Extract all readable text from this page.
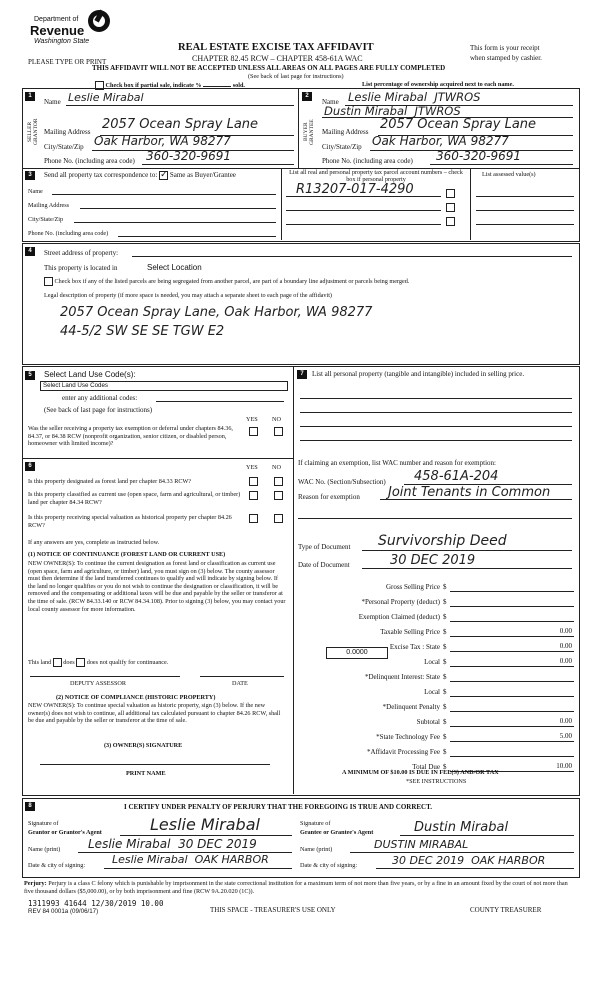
Department of
Revenue
Washington State
PLEASE TYPE OR PRINT
REAL ESTATE EXCISE TAX AFFIDAVIT
CHAPTER 82.45 RCW – CHAPTER 458-61A WAC
THIS AFFIDAVIT WILL NOT BE ACCEPTED UNLESS ALL AREAS ON ALL PAGES ARE FULLY COMPLETED
(See back of last page for instructions)
This form is your receipt
when stamped by cashier.
Check box if partial sale, indicate %	sold.	List percentage of ownership acquired next to each name.
1
SELLER GRANTOR
Name Leslie Mirabal
Mailing Address 2057 Ocean Spray Lane
City/State/Zip Oak Harbor, WA 98277
Phone No. (including area code) 360-320-9691
2
BUYER GRANTEE
Name Leslie Mirabal  JTWROS
Dustin Mirabal  JTWROS
Mailing Address 2057 Ocean Spray Lane
City/State/Zip Oak Harbor, WA 98277
Phone No. (including area code) 360-320-9691
3	Send all property tax correspondence to: ✓ Same as Buyer/Grantee
Name
Mailing Address
City/State/Zip
Phone No. (including area code)
List all real and personal property tax parcel account numbers – check box if personal property
List assessed value(s)
R13207-017-4290
4	Street address of property:
This property is located in	Select Location
Check box if any of the listed parcels are being segregated from another parcel, are part of a boundary line adjustment or parcels being merged.
Legal description of property (if more space is needed, you may attach a separate sheet to each page of the affidavit)
2057 Ocean Spray Lane, Oak Harbor, WA 98277
44-5/2 SW SE SE TGW E2
5	Select Land Use Code(s):
Select Land Use Codes
enter any additional codes:
(See back of last page for instructions)
YES NO
Was the seller receiving a property tax exemption or deferral under chapters 84.36, 84.37, or 84.38 RCW (nonprofit organization, senior citizen, or disabled person, homeowner with limited income)?
6	YES NO
Is this property designated as forest land per chapter 84.33 RCW?
Is this property classified as current use (open space, farm and agricultural, or timber) land per chapter 84.34 RCW?
Is this property receiving special valuation as historical property per chapter 84.26 RCW?
If any answers are yes, complete as instructed below.
(1) NOTICE OF CONTINUANCE (FOREST LAND OR CURRENT USE)
NEW OWNER(S): To continue the current designation as forest land or classification as current use (open space, farm and agriculture, or timber) land, you must sign on (3) below. The county assessor must then determine if the land transferred continues to qualify and will indicate by signing below. If the land no longer qualifies or you do not wish to continue the designation or classification, it will be removed and the compensating or additional taxes will be due and payable by the seller or transferor at the time of sale. (RCW 84.33.140 or RCW 84.34.108). Prior to signing (3) below, you may contact your local county assessor for more information.
This land does does not qualify for continuance.
DEPUTY ASSESSOR	DATE
(2) NOTICE OF COMPLIANCE (HISTORIC PROPERTY)
NEW OWNER(S): To continue special valuation as historic property, sign (3) below. If the new owner(s) does not wish to continue, all additional tax calculated pursuant to chapter 84.26 RCW, shall be due and payable by the seller or transferor at the time of sale.
(3) OWNER(S) SIGNATURE
PRINT NAME
7	List all personal property (tangible and intangible) included in selling price.
If claiming an exemption, list WAC number and reason for exemption:
WAC No. (Section/Subsection) 458-61A-204
Reason for exemption Joint Tenants in Common
Type of Document Survivorship Deed
Date of Document	30 DEC 2019
Gross Selling Price $
*Personal Property (deduct) $
Exemption Claimed (deduct) $
Taxable Selling Price $	0.00
Excise Tax : State $	0.00
Local $	0.00
*Delinquent Interest: State $
Local $
*Delinquent Penalty $
Subtotal $	0.00
*State Technology Fee $	5.00
*Affidavit Processing Fee $
Total Due $	10.00
0.0000
A MINIMUM OF $10.00 IS DUE IN FEE(S) AND/OR TAX
*SEE INSTRUCTIONS
8	I CERTIFY UNDER PENALTY OF PERJURY THAT THE FOREGOING IS TRUE AND CORRECT.
Signature of
Grantor or Grantor's Agent	Leslie Mirabal
Name (print) Leslie Mirabal  30 DEC 2019
Date & city of signing: Leslie Mirabal  OAK HARBOR
Signature of
Grantee or Grantee's Agent	Dustin Mirabal
Name (print)	DUSTIN MIRABAL
Date & city of signing:	30 DEC 2019  OAK HARBOR
Perjury: Perjury is a class C felony which is punishable by imprisonment in the state correctional institution for a maximum term of not more than five years, or by a fine in an amount fixed by the court of not more than five thousand dollars ($5,000.00), or by both imprisonment and fine (RCW 9A.20.020 (1C)).
1311993 41644 12/30/2019 10.00
REV 84 0001a (09/06/17)	THIS SPACE - TREASURER'S USE ONLY	COUNTY TREASURER
